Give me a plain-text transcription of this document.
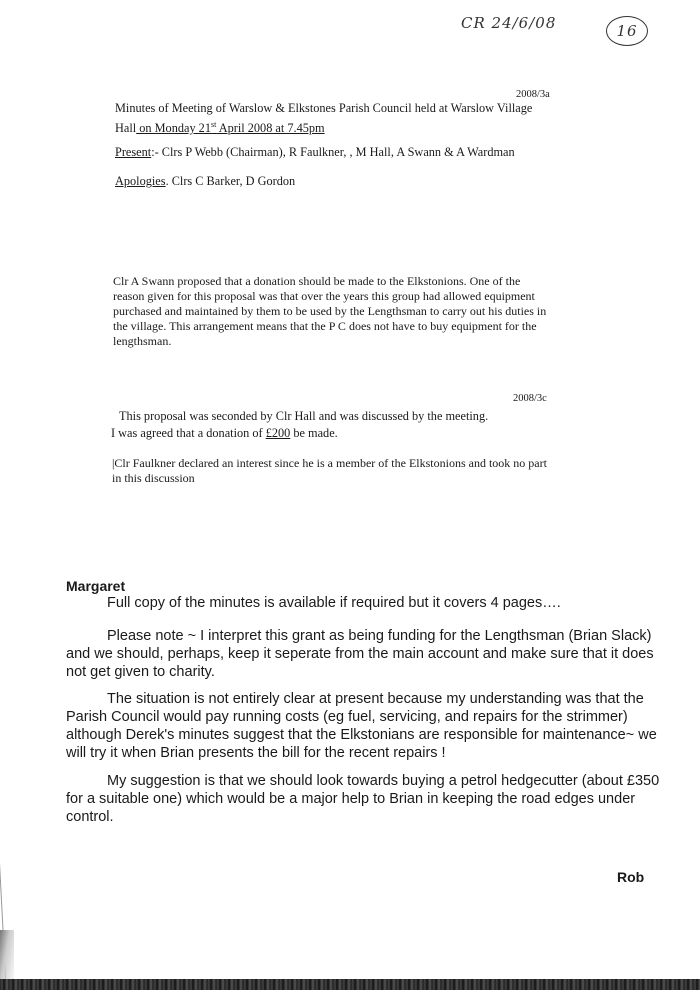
CR 24/6/08	16
2008/3a
Minutes of Meeting of Warslow & Elkstones Parish Council held at Warslow Village
Hall on Monday 21st April 2008 at 7.45pm
Present:- Clrs P Webb (Chairman), R Faulkner, , M Hall, A Swann & A Wardman
Apologies. Clrs C Barker, D Gordon
Clr A Swann proposed that a donation should be made to the Elkstonions. One of the
reason given for this proposal was that over the years this group had allowed equipment
purchased and maintained by them to be used by the Lengthsman to carry out his duties in
the village. This arrangement means that the P C does not have to buy equipment for the
lengthsman.
2008/3c
This proposal was seconded by Clr Hall and was discussed by the meeting.
I was agreed that a donation of £200 be made.
|Clr Faulkner declared an interest since he is a member of the Elkstonions and took no part
in this discussion
Margaret
Full copy of the minutes is available if required but it covers 4 pages….
Please note ~ I interpret this grant as being funding for the Lengthsman (Brian Slack)
and we should, perhaps, keep it seperate from the main account and make sure that it does
not get given to charity.
The situation is not entirely clear at present because my understanding was that the
Parish Council would pay running costs (eg fuel, servicing, and repairs for the strimmer)
although Derek's minutes suggest that the Elkstonians are responsible for maintenance~ we
will try it when Brian presents the bill for the recent repairs !
My suggestion is that we should look towards buying a petrol hedgecutter (about £350
for a suitable one) which would be a major help to Brian in keeping the road edges under
control.
Rob
